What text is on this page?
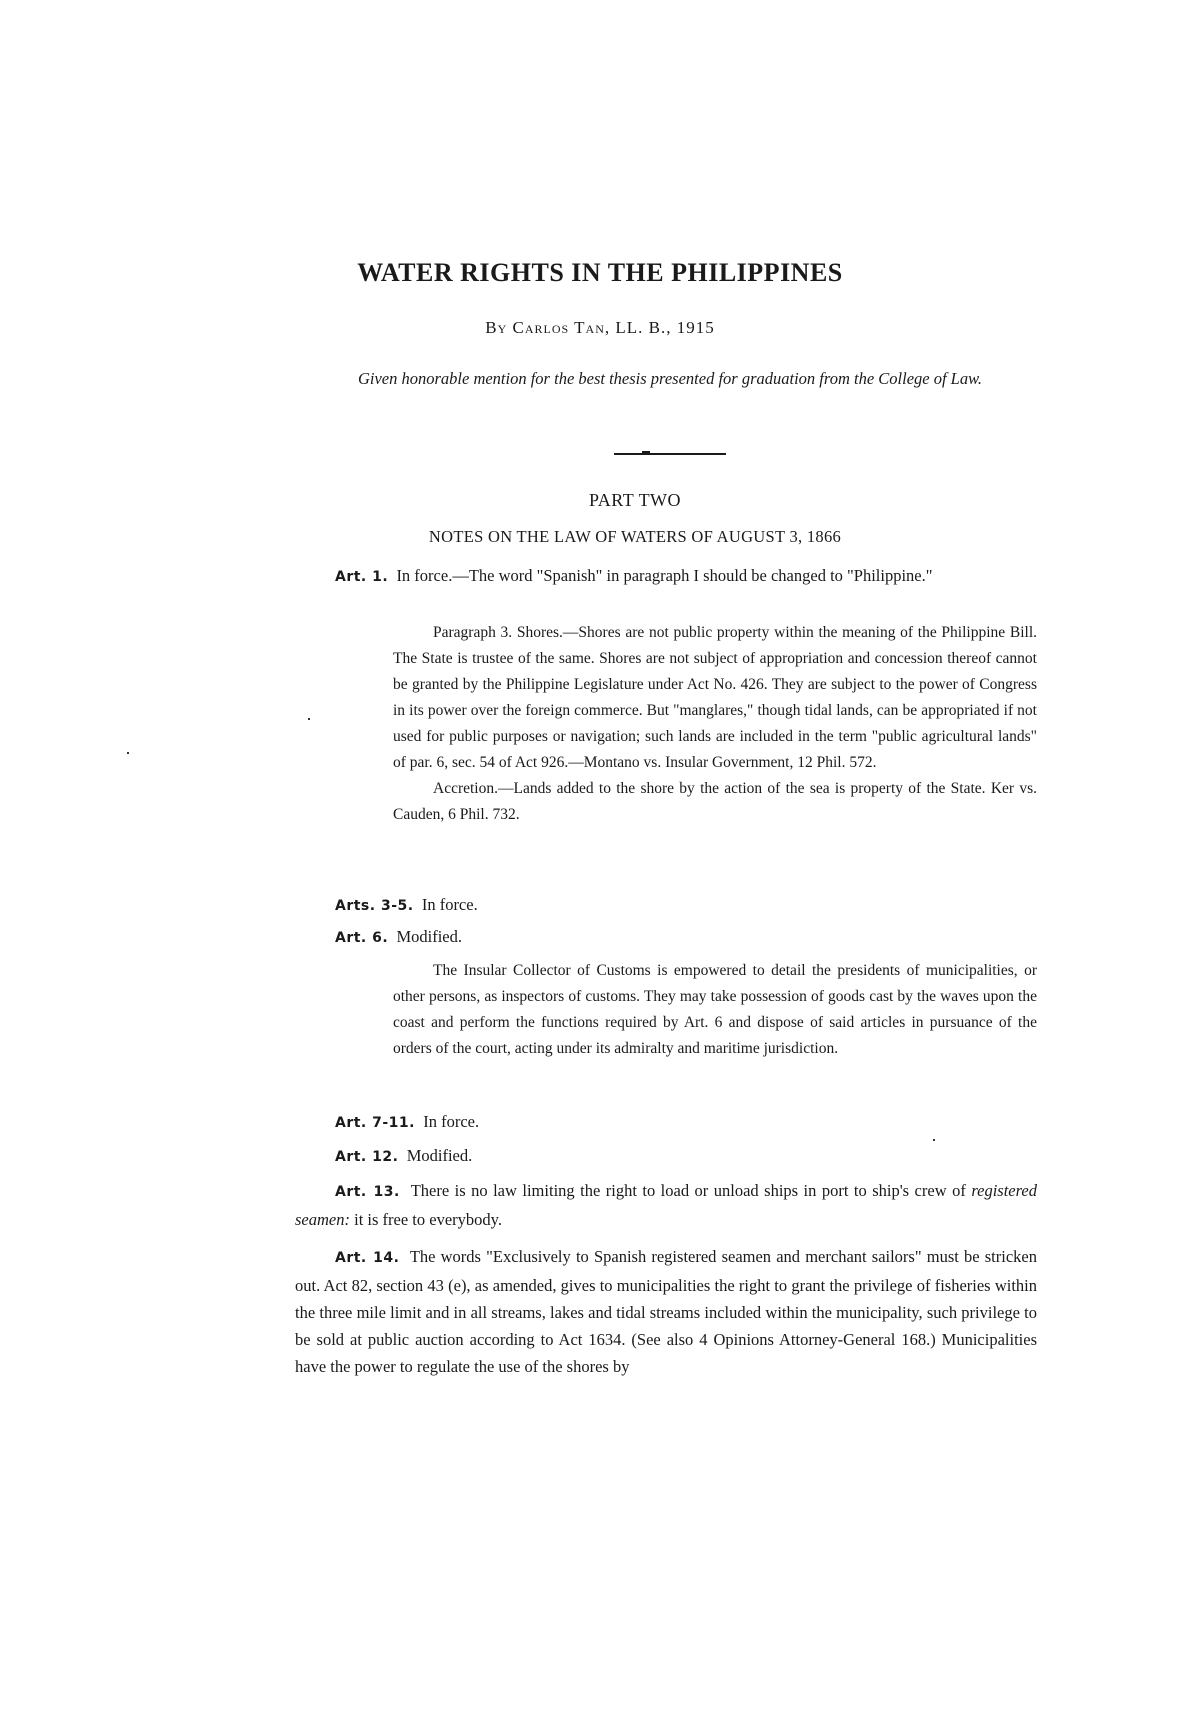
WATER RIGHTS IN THE PHILIPPINES
By Carlos Tan, LL. B., 1915
Given honorable mention for the best thesis presented for graduation from the College of Law.
PART TWO
NOTES ON THE LAW OF WATERS OF AUGUST 3, 1866

Art. 1. In force.—The word "Spanish" in paragraph I should be changed to "Philippine."

Paragraph 3. Shores.—Shores are not public property within the meaning of the Philippine Bill. The State is trustee of the same. Shores are not subject of appropriation and concession thereof cannot be granted by the Philippine Legislature under Act No. 426. They are subject to the power of Congress in its power over the foreign commerce. But "manglares," though tidal lands, can be appropriated if not used for public purposes or navigation; such lands are included in the term "public agricultural lands" of par. 6, sec. 54 of Act 926.—Montano vs. Insular Government, 12 Phil. 572.

Accretion.—Lands added to the shore by the action of the sea is property of the State. Ker vs. Cauden, 6 Phil. 732.

Arts. 3-5. In force.

Art. 6. Modified.

The Insular Collector of Customs is empowered to detail the presidents of municipalities, or other persons, as inspectors of customs. They may take possession of goods cast by the waves upon the coast and perform the functions required by Art. 6 and dispose of said articles in pursuance of the orders of the court, acting under its admiralty and maritime jurisdiction.

Art. 7-11. In force.

Art. 12. Modified.

Art. 13. There is no law limiting the right to load or unload ships in port to ship's crew of registered seamen: it is free to everybody.

Art. 14. The words "Exclusively to Spanish registered seamen and merchant sailors" must be stricken out. Act 82, section 43 (e), as amended, gives to municipalities the right to grant the privilege of fisheries within the three mile limit and in all streams, lakes and tidal streams included within the municipality, such privilege to be sold at public auction according to Act 1634. (See also 4 Opinions Attorney-General 168.) Municipalities have the power to regulate the use of the shores by
